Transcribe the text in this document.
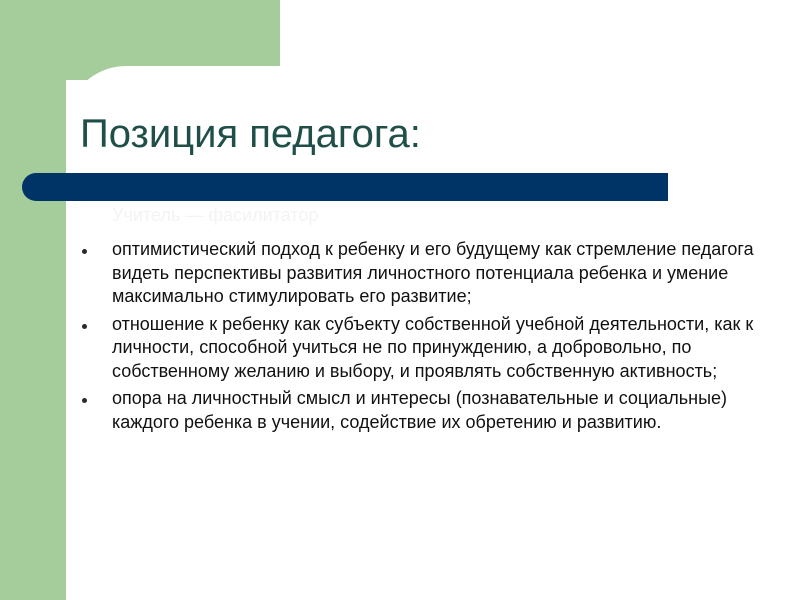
Позиция педагога:
Учитель — фасилитатор
оптимистический подход к ребенку и его будущему как стремление педагога видеть перспективы развития личностного потенциала ребенка и умение максимально стимулировать его развитие;
отношение к ребенку как субъекту собственной учебной деятельности, как к личности, способной учиться не по принуждению, а добровольно, по собственному желанию и выбору, и проявлять собственную активность;
опора на личностный смысл и интересы (познавательные и социальные) каждого ребенка в учении, содействие их обретению и развитию.
